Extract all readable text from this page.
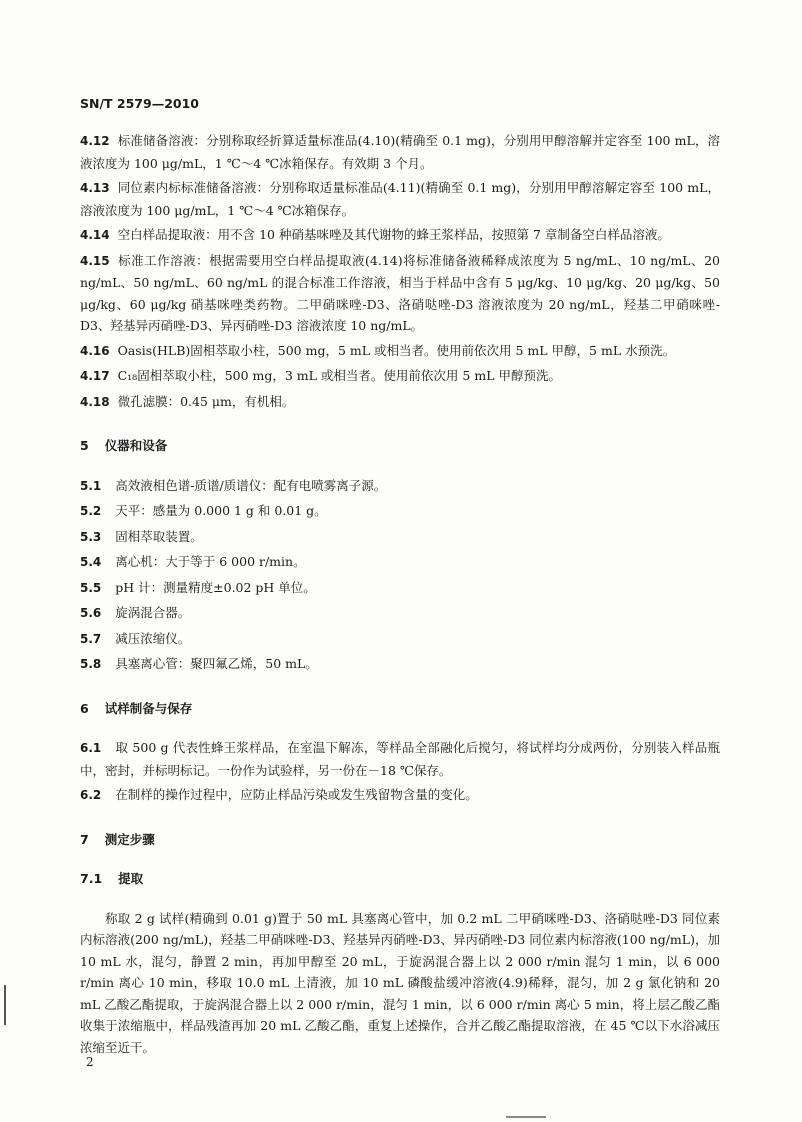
SN/T 2579—2010

4.12 标准储备溶液：分别称取经折算适量标准品(4.10)(精确至 0.1 mg)，分别用甲醇溶解并定容至 100 mL，溶液浓度为 100 μg/mL，1 ℃～4 ℃冰箱保存。有效期 3 个月。

4.13 同位素内标标准储备溶液：分别称取适量标准品(4.11)(精确至 0.1 mg)，分别用甲醇溶解定容至 100 mL，溶液浓度为 100 μg/mL，1 ℃～4 ℃冰箱保存。

4.14 空白样品提取液：用不含 10 种硝基咪唑及其代谢物的蜂王浆样品，按照第 7 章制备空白样品溶液。

4.15 标准工作溶液：根据需要用空白样品提取液(4.14)将标准储备液稀释成浓度为 5 ng/mL、10 ng/mL、20 ng/mL、50 ng/mL、60 ng/mL 的混合标准工作溶液，相当于样品中含有 5 μg/kg、10 μg/kg、20 μg/kg、50 μg/kg、60 μg/kg 硝基咪唑类药物。二甲硝咪唑-D3、洛硝哒唑-D3 溶液浓度为 20 ng/mL，羟基二甲硝咪唑-D3、羟基异丙硝唑-D3、异丙硝唑-D3 溶液浓度 10 ng/mL。

4.16 Oasis(HLB)固相萃取小柱，500 mg，5 mL 或相当者。使用前依次用 5 mL 甲醇，5 mL 水预洗。

4.17 C₁₈固相萃取小柱，500 mg，3 mL 或相当者。使用前依次用 5 mL 甲醇预洗。

4.18 微孔滤膜：0.45 μm，有机相。

5 仪器和设备

5.1 高效液相色谱-质谱/质谱仪：配有电喷雾离子源。

5.2 天平：感量为 0.000 1 g 和 0.01 g。

5.3 固相萃取装置。

5.4 离心机：大于等于 6 000 r/min。

5.5 pH 计：测量精度±0.02 pH 单位。

5.6 旋涡混合器。

5.7 减压浓缩仪。

5.8 具塞离心管：聚四氟乙烯，50 mL。

6 试样制备与保存

6.1 取 500 g 代表性蜂王浆样品，在室温下解冻，等样品全部融化后搅匀，将试样均分成两份，分别装入样品瓶中，密封，并标明标记。一份作为试验样，另一份在－18 ℃保存。

6.2 在制样的操作过程中，应防止样品污染或发生残留物含量的变化。

7 测定步骤
7.1 提取

称取 2 g 试样(精确到 0.01 g)置于 50 mL 具塞离心管中，加 0.2 mL 二甲硝咪唑-D3、洛硝哒唑-D3 同位素内标溶液(200 ng/mL)，羟基二甲硝咪唑-D3、羟基异丙硝唑-D3、异丙硝唑-D3 同位素内标溶液(100 ng/mL)，加 10 mL 水，混匀，静置 2 min，再加甲醇至 20 mL，于旋涡混合器上以 2 000 r/min 混匀 1 min，以 6 000 r/min 离心 10 min，移取 10.0 mL 上清液，加 10 mL 磷酸盐缓冲溶液(4.9)稀释，混匀，加 2 g 氯化钠和 20 mL 乙酸乙酯提取，于旋涡混合器上以 2 000 r/min，混匀 1 min，以 6 000 r/min 离心 5 min，将上层乙酸乙酯收集于浓缩瓶中，样品残渣再加 20 mL 乙酸乙酯，重复上述操作，合并乙酸乙酯提取溶液，在 45 ℃以下水浴减压浓缩至近干。

2
